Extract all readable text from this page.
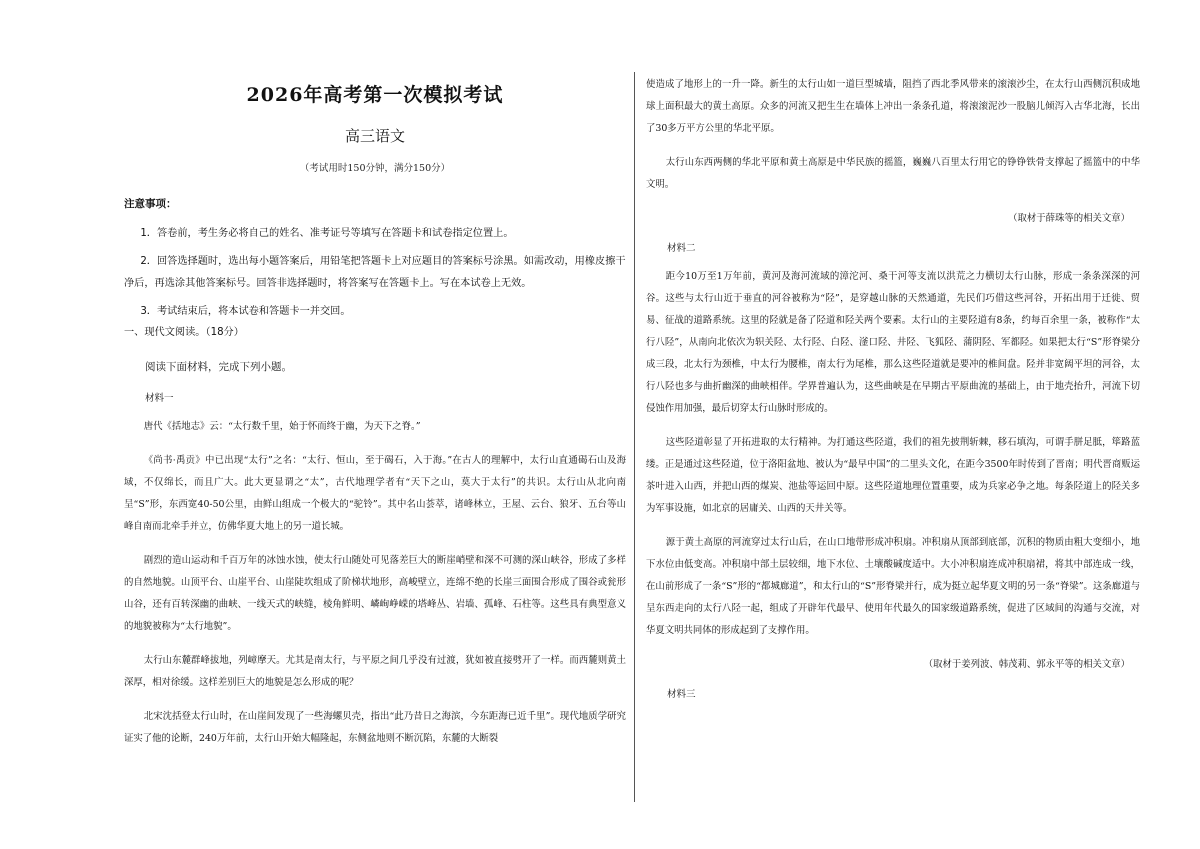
2026年高考第一次模拟考试
高三语文
（考试用时150分钟，满分150分）
注意事项：
1．答卷前，考生务必将自己的姓名、准考证号等填写在答题卡和试卷指定位置上。
2．回答选择题时，选出每小题答案后，用铅笔把答题卡上对应题目的答案标号涂黑。如需改动，用橡皮擦干净后，再选涂其他答案标号。回答非选择题时，将答案写在答题卡上。写在本试卷上无效。
3．考试结束后，将本试卷和答题卡一并交回。
一、现代文阅读。（18分）
阅读下面材料，完成下列小题。
材料一

唐代《括地志》云：“太行数千里，始于怀而终于幽，为天下之脊。”

《尚书·禹贡》中已出现“太行”之名：“太行、恒山，至于碣石，入于海。”在古人的理解中，太行山直通碣石山及海域，不仅绵长，而且广大。此大更显谓之“太”，古代地理学者有“天下之山，莫大于太行”的共识。太行山从北向南呈“S”形，东西宽40-50公里，由鲜山组成一个极大的“驼铃”。其中名山荟萃，诸峰林立，王屋、云台、狼牙、五台等山峰自南而北牵手并立，仿佛华夏大地上的另一道长城。

剧烈的造山运动和千百万年的冰蚀水蚀，使太行山随处可见落差巨大的断崖峭壁和深不可测的深山峡谷，形成了多样的自然地貌。山顶平台、山崖平台、山崖陡坎组成了阶梯状地形，高峻壁立，连绵不绝的长崖三面围合形成了围谷或瓮形山谷，还有百转深幽的曲峡、一线天式的峡缝，棱角鲜明、嶙峋峥嵘的塔峰丛、岩墙、孤峰、石柱等。这些具有典型意义的地貌被称为“太行地貌”。

太行山东麓群峰拔地，列嶂摩天。尤其是南太行，与平原之间几乎没有过渡，犹如被直接劈开了一样。而西麓则黄土深厚，相对徐缓。这样差别巨大的地貌是怎么形成的呢？

北宋沈括登太行山时，在山崖间发现了一些海螺贝壳，指出“此乃昔日之海滨，今东距海已近千里”。现代地质学研究证实了他的论断，240万年前，太行山开始大幅隆起，东侧盆地则不断沉陷，东麓的大断裂

使造成了地形上的一升一降。新生的太行山如一道巨型城墙，阻挡了西北季风带来的滚滚沙尘，在太行山西侧沉积成地球上面积最大的黄土高原。众多的河流又把生生在墙体上冲出一条条孔道，将滚滚泥沙一股脑儿倾泻入古华北海，长出了30多万平方公里的华北平原。

太行山东西两侧的华北平原和黄土高原是中华民族的摇篮，巍巍八百里太行用它的铮铮铁骨支撑起了摇篮中的中华文明。

（取材于薛珠等的相关文章）
材料二

距今10万至1万年前，黄河及海河流域的漳沱河、桑干河等支流以洪荒之力横切太行山脉，形成一条条深深的河谷。这些与太行山近于垂直的河谷被称为“陉”，是穿越山脉的天然通道，先民们巧借这些河谷，开拓出用于迁徙、贸易、征战的道路系统。这里的陉就是备了陉道和陉关两个要素。太行山的主要陉道有8条，约每百余里一条，被称作“太行八陉”，从南向北依次为轵关陉、太行陉、白陉、滏口陉、井陉、飞狐陉、蒲阴陉、军都陉。如果把太行“S”形脊梁分成三段，北太行为颈椎，中太行为腰椎，南太行为尾椎，那么这些陉道就是要冲的椎间盘。陉并非宽阔平坦的河谷，太行八陉也多与曲折幽深的曲峡相伴。学界普遍认为，这些曲峡是在早期古平原曲流的基础上，由于地壳抬升，河流下切侵蚀作用加强，最后切穿太行山脉时形成的。

这些陉道彰显了开拓进取的太行精神。为打通这些陉道，我们的祖先披荆斩棘，移石填沟，可谓手胼足胝，筚路蓝缕。正是通过这些陉道，位于洛阳盆地、被认为“最早中国”的二里头文化，在距今3500年时传到了晋南；明代晋商贩运茶叶进入山西，并把山西的煤炭、池盐等运回中原。这些陉道地理位置重要，成为兵家必争之地。每条陉道上的陉关多为军事设施，如北京的居庸关、山西的天井关等。

源于黄土高原的河流穿过太行山后，在山口地带形成冲积扇。冲积扇从顶部到底部，沉积的物质由粗大变细小，地下水位由低变高。冲积扇中部土层较细，地下水位、土壤酸碱度适中。大小冲积扇连成冲积扇裙，将其中部连成一线，在山前形成了一条“S”形的“都城廊道”，和太行山的“S”形脊梁并行，成为挺立起华夏文明的另一条“脊梁”。这条廊道与呈东西走向的太行八陉一起，组成了开辟年代最早、使用年代最久的国家级道路系统，促进了区域间的沟通与交流，对华夏文明共同体的形成起到了支撑作用。

（取材于姜列波、韩茂莉、郭永平等的相关文章）
材料三
